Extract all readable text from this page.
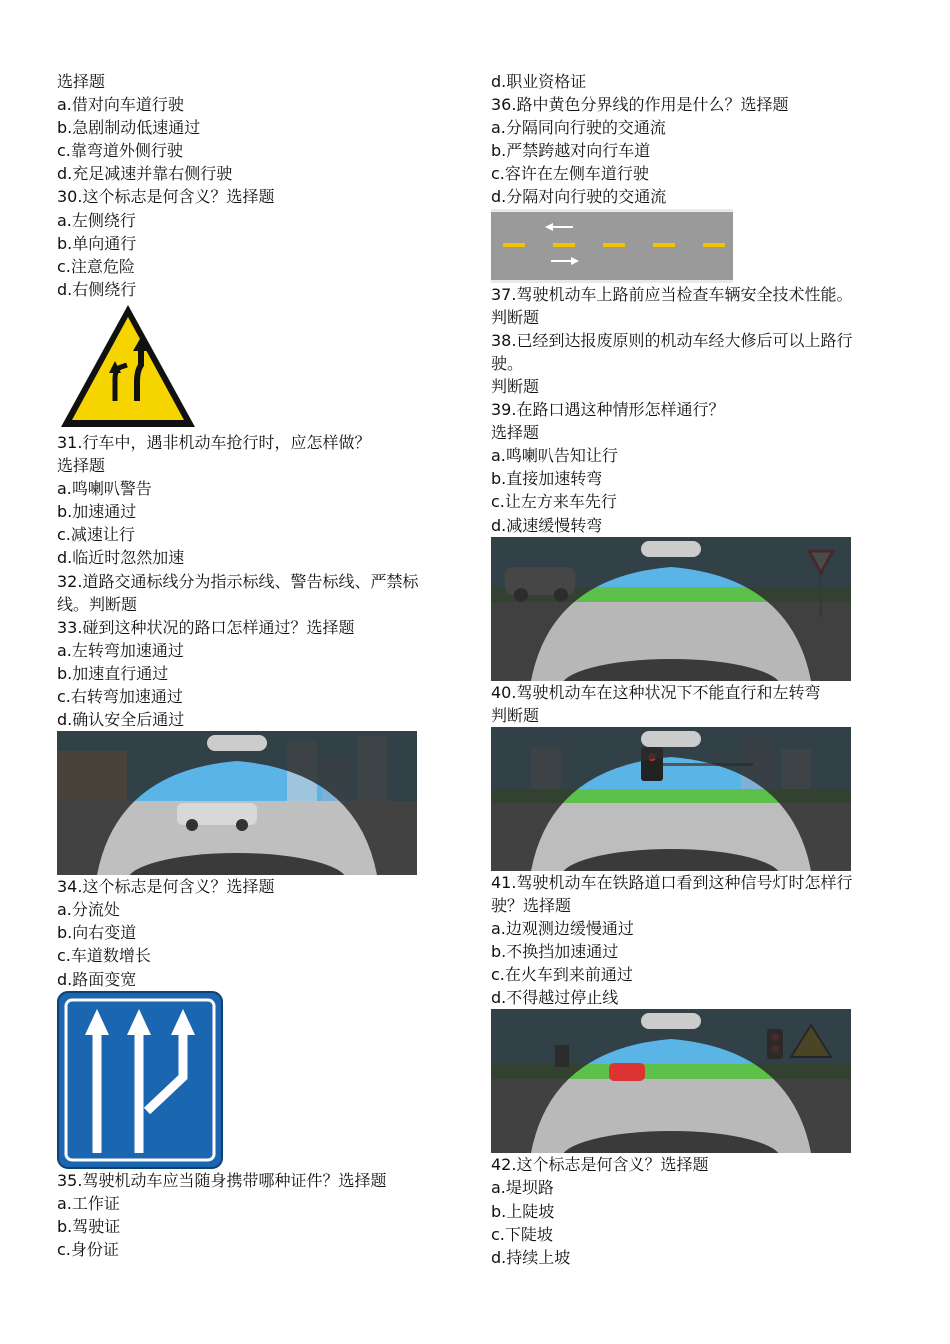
选择题
a.借对向车道行驶
b.急剧制动低速通过
c.靠弯道外侧行驶
d.充足减速并靠右侧行驶
30.这个标志是何含义？选择题
a.左侧绕行
b.单向通行
c.注意危险
d.右侧绕行
31.行车中，遇非机动车抢行时，应怎样做？
选择题
a.鸣喇叭警告
b.加速通过
c.减速让行
d.临近时忽然加速
32.道路交通标线分为指示标线、警告标线、严禁标
线。判断题
33.碰到这种状况的路口怎样通过？选择题
a.左转弯加速通过
b.加速直行通过
c.右转弯加速通过
d.确认安全后通过
34.这个标志是何含义？选择题
a.分流处
b.向右变道
c.车道数增长
d.路面变宽
35.驾驶机动车应当随身携带哪种证件？选择题
a.工作证
b.驾驶证
c.身份证
d.职业资格证
36.路中黄色分界线的作用是什么？选择题
a.分隔同向行驶的交通流
b.严禁跨越对向行车道
c.容许在左侧车道行驶
d.分隔对向行驶的交通流
37.驾驶机动车上路前应当检查车辆安全技术性能。
判断题
38.已经到达报废原则的机动车经大修后可以上路行
驶。
判断题
39.在路口遇这种情形怎样通行？
选择题
a.鸣喇叭告知让行
b.直接加速转弯
c.让左方来车先行
d.减速缓慢转弯
40.驾驶机动车在这种状况下不能直行和左转弯
判断题
41.驾驶机动车在铁路道口看到这种信号灯时怎样行
驶？选择题
a.边观测边缓慢通过
b.不换挡加速通过
c.在火车到来前通过
d.不得越过停止线
42.这个标志是何含义？选择题
a.堤坝路
b.上陡坡
c.下陡坡
d.持续上坡
